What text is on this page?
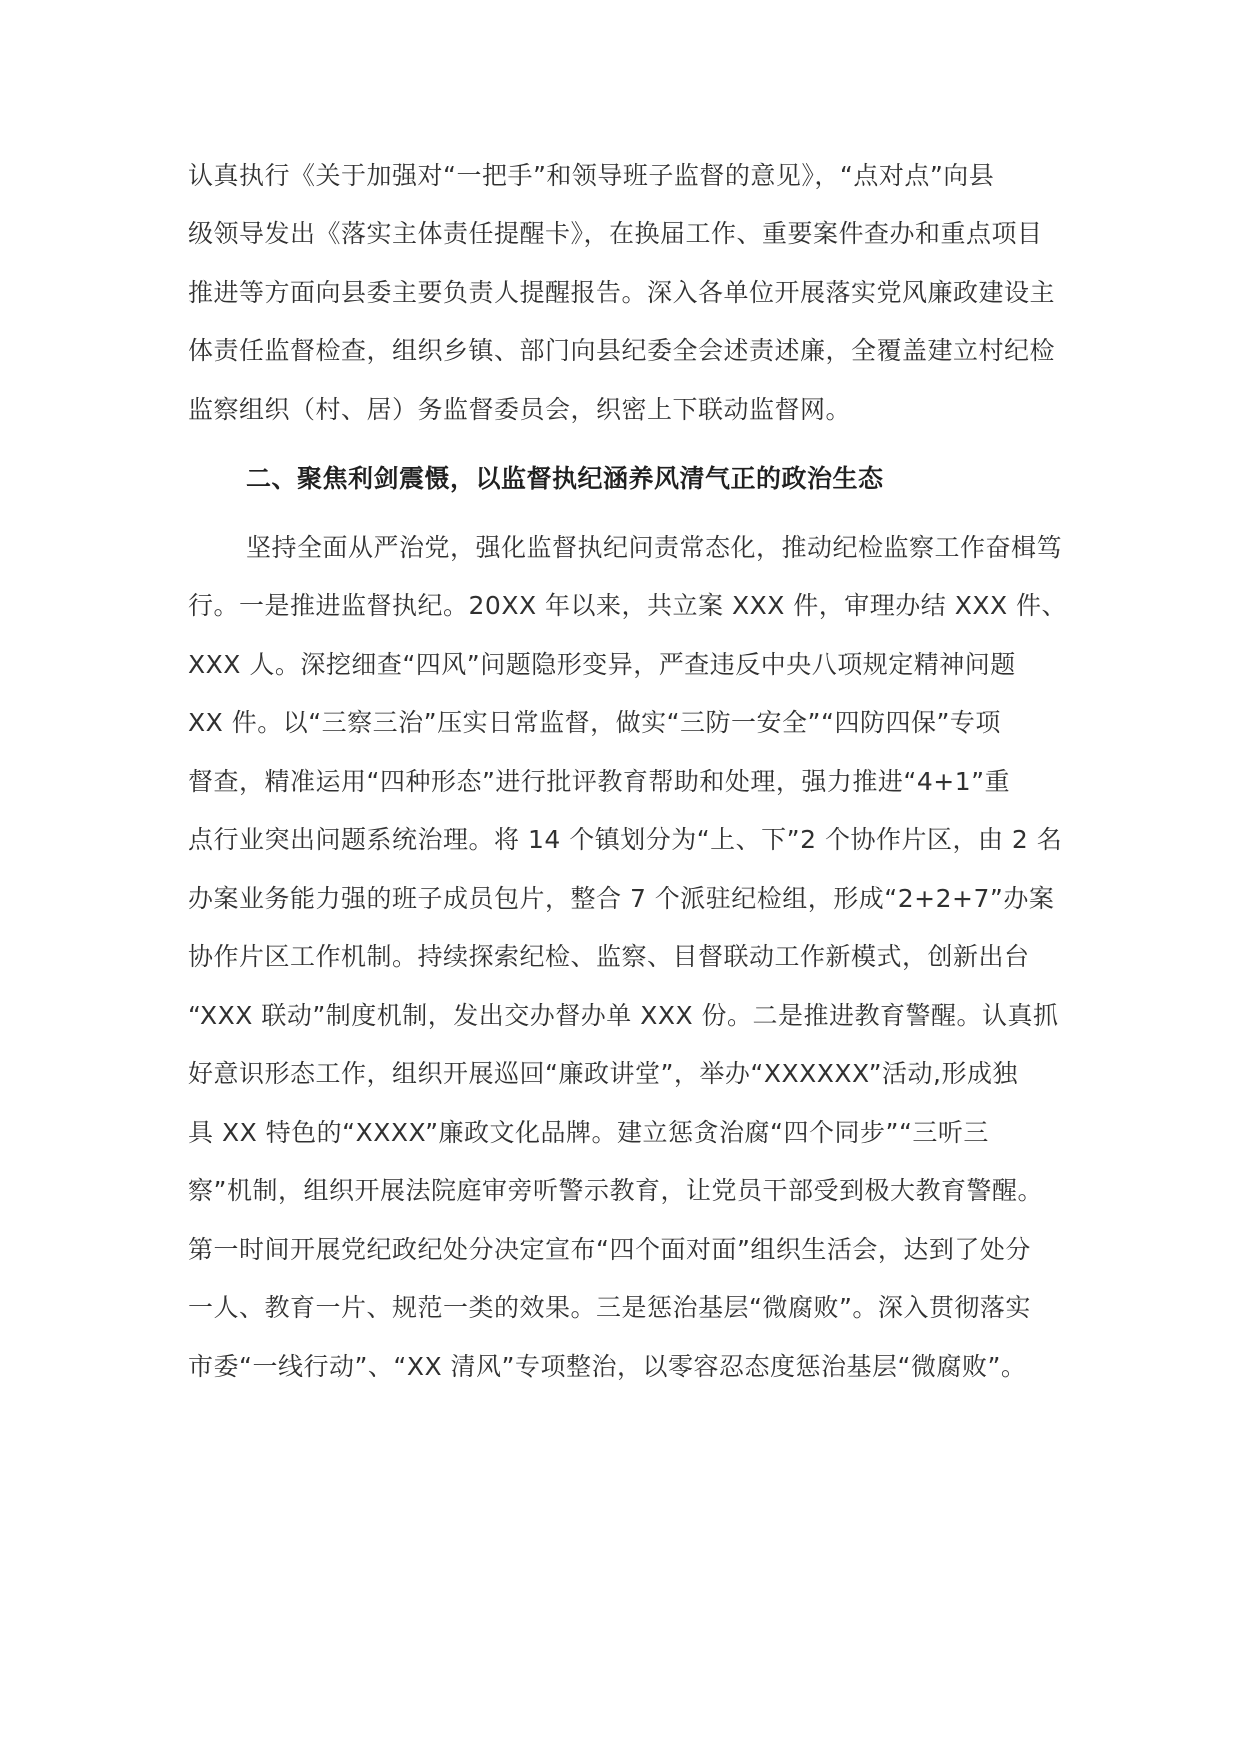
认真执行《关于加强对“一把手”和领导班子监督的意见》，“点对点”向县
级领导发出《落实主体责任提醒卡》，在换届工作、重要案件查办和重点项目
推进等方面向县委主要负责人提醒报告。深入各单位开展落实党风廉政建设主
体责任监督检查，组织乡镇、部门向县纪委全会述责述廉，全覆盖建立村纪检
监察组织（村、居）务监督委员会，织密上下联动监督网。
二、聚焦利剑震慑，以监督执纪涵养风清气正的政治生态
坚持全面从严治党，强化监督执纪问责常态化，推动纪检监察工作奋楫笃
行。一是推进监督执纪。20XX 年以来，共立案 XXX 件，审理办结 XXX 件、
XXX 人。深挖细查“四风”问题隐形变异，严查违反中央八项规定精神问题
XX 件。以“三察三治”压实日常监督，做实“三防一安全”“四防四保”专项
督查，精准运用“四种形态”进行批评教育帮助和处理，强力推进“4+1”重
点行业突出问题系统治理。将 14 个镇划分为“上、下”2 个协作片区，由 2 名
办案业务能力强的班子成员包片，整合 7 个派驻纪检组，形成“2+2+7”办案
协作片区工作机制。持续探索纪检、监察、目督联动工作新模式，创新出台
“XXX 联动”制度机制，发出交办督办单 XXX 份。二是推进教育警醒。认真抓
好意识形态工作，组织开展巡回“廉政讲堂”，举办“XXXXXX”活动,形成独
具 XX 特色的“XXXX”廉政文化品牌。建立惩贪治腐“四个同步”“三听三
察”机制，组织开展法院庭审旁听警示教育，让党员干部受到极大教育警醒。
第一时间开展党纪政纪处分决定宣布“四个面对面”组织生活会，达到了处分
一人、教育一片、规范一类的效果。三是惩治基层“微腐败”。深入贯彻落实
市委“一线行动”、“XX 清风”专项整治，以零容忍态度惩治基层“微腐败”。
